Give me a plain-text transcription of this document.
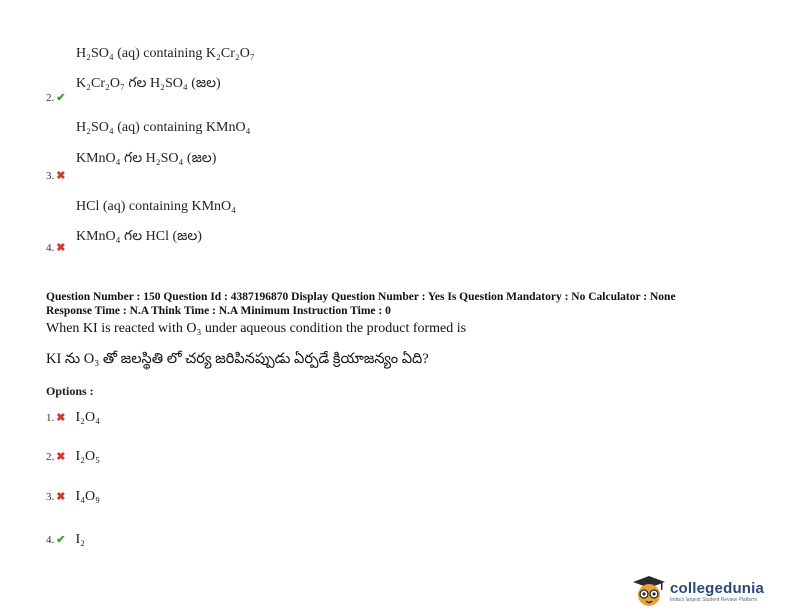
H₂SO₄ (aq) containing K₂Cr₂O₇
K₂Cr₂O₇ గల H₂SO₄ (జల)
2. ✔
H₂SO₄ (aq) containing KMnO₄
KMnO₄ గల H₂SO₄ (జల)
3. ✖
HCl (aq) containing KMnO₄
KMnO₄ గల HCl (జల)
4. ✖
Question Number : 150 Question Id : 4387196870 Display Question Number : Yes Is Question Mandatory : No Calculator : None
Response Time : N.A Think Time : N.A Minimum Instruction Time : 0
When KI is reacted with O₃ under aqueous condition the product formed is
KI ను O₃ తో జలస్థితి లో చర్య జరిపినప్పుడు ఏర్పడే క్రియాజన్యం ఏది?
Options :
1. ✖ I₂O₄
2. ✖ I₂O₅
3. ✖ I₄O₉
4. ✔ I₂
collegedunia
India's largest Student Review Platform
